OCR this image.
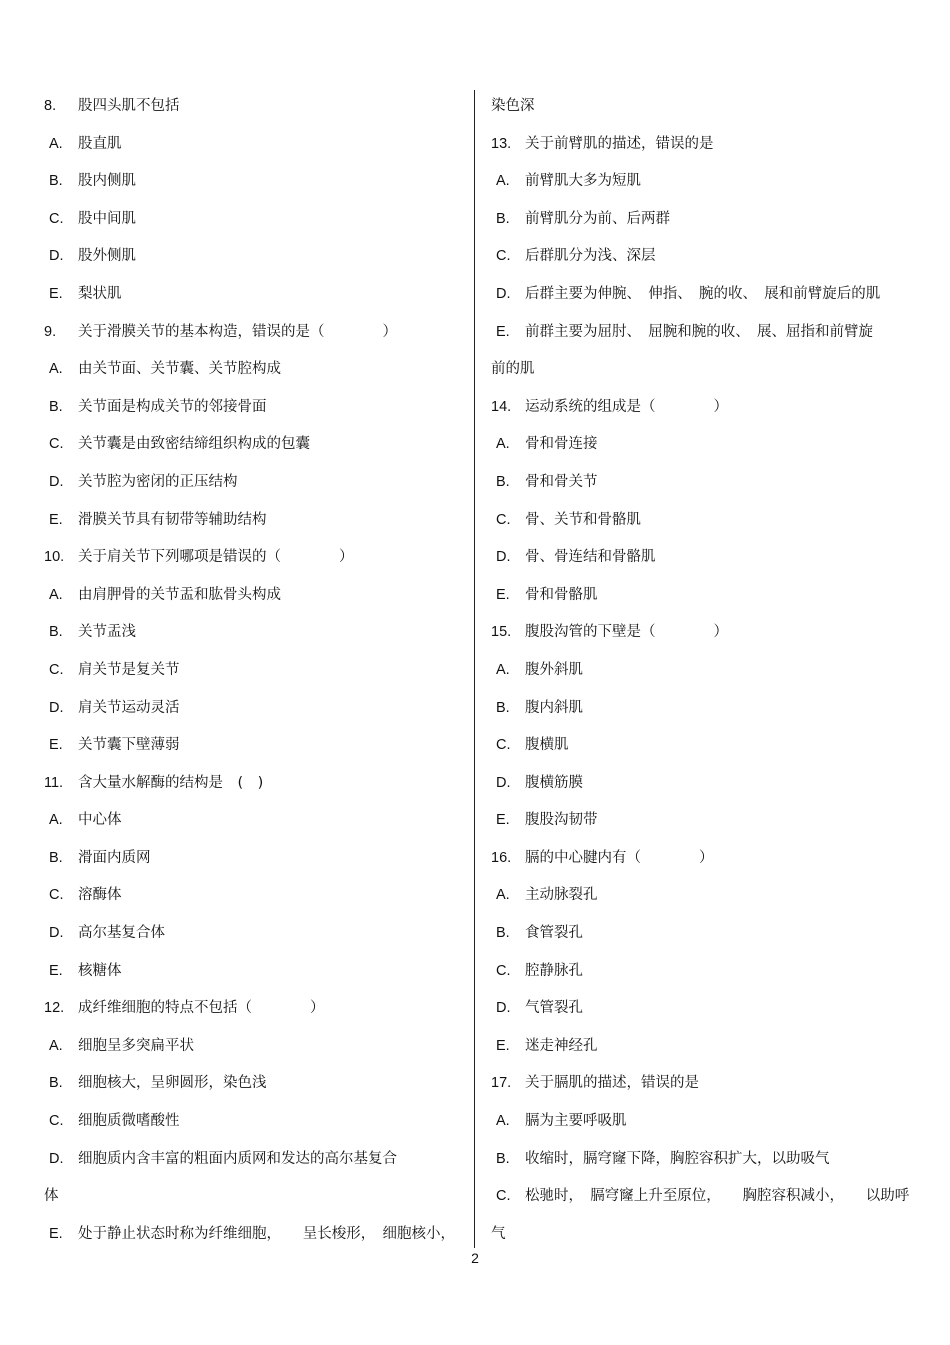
8. 股四头肌不包括
A. 股直肌
B. 股内侧肌
C. 股中间肌
D. 股外侧肌
E. 梨状肌
9. 关于滑膜关节的基本构造，错误的是（　　　　）
A. 由关节面、关节囊、关节腔构成
B. 关节面是构成关节的邻接骨面
C. 关节囊是由致密结缔组织构成的包囊
D. 关节腔为密闭的正压结构
E. 滑膜关节具有韧带等辅助结构
10. 关于肩关节下列哪项是错误的（　　　　）
A. 由肩胛骨的关节盂和肱骨头构成
B. 关节盂浅
C. 肩关节是复关节
D. 肩关节运动灵活
E. 关节囊下壁薄弱
11. 含大量水解酶的结构是　(　)
A. 中心体
B. 滑面内质网
C. 溶酶体
D. 高尔基复合体
E. 核糖体
12. 成纤维细胞的特点不包括（　　　　）
A. 细胞呈多突扁平状
B. 细胞核大，呈卵圆形，染色浅
C. 细胞质微嗜酸性
D. 细胞质内含丰富的粗面内质网和发达的高尔基复合
体
E. 处于静止状态时称为纤维细胞，　　呈长梭形，　细胞核小，
染色深
13. 关于前臂肌的描述，错误的是
A. 前臂肌大多为短肌
B. 前臂肌分为前、后两群
C. 后群肌分为浅、深层
D. 后群主要为伸腕、　伸指、　腕的收、　展和前臂旋后的肌
E. 前群主要为屈肘、　屈腕和腕的收、　展、屈指和前臂旋
前的肌
14. 运动系统的组成是（　　　　）
A. 骨和骨连接
B. 骨和骨关节
C. 骨、关节和骨骼肌
D. 骨、骨连结和骨骼肌
E. 骨和骨骼肌
15. 腹股沟管的下壁是（　　　　）
A. 腹外斜肌
B. 腹内斜肌
C. 腹横肌
D. 腹横筋膜
E. 腹股沟韧带
16. 膈的中心腱内有（　　　　）
A. 主动脉裂孔
B. 食管裂孔
C. 腔静脉孔
D. 气管裂孔
E. 迷走神经孔
17. 关于膈肌的描述，错误的是
A. 膈为主要呼吸肌
B. 收缩时，膈穹窿下降，胸腔容积扩大，以助吸气
C. 松驰时，　膈穹窿上升至原位，　　胸腔容积减小，　　以助呼
气
2
